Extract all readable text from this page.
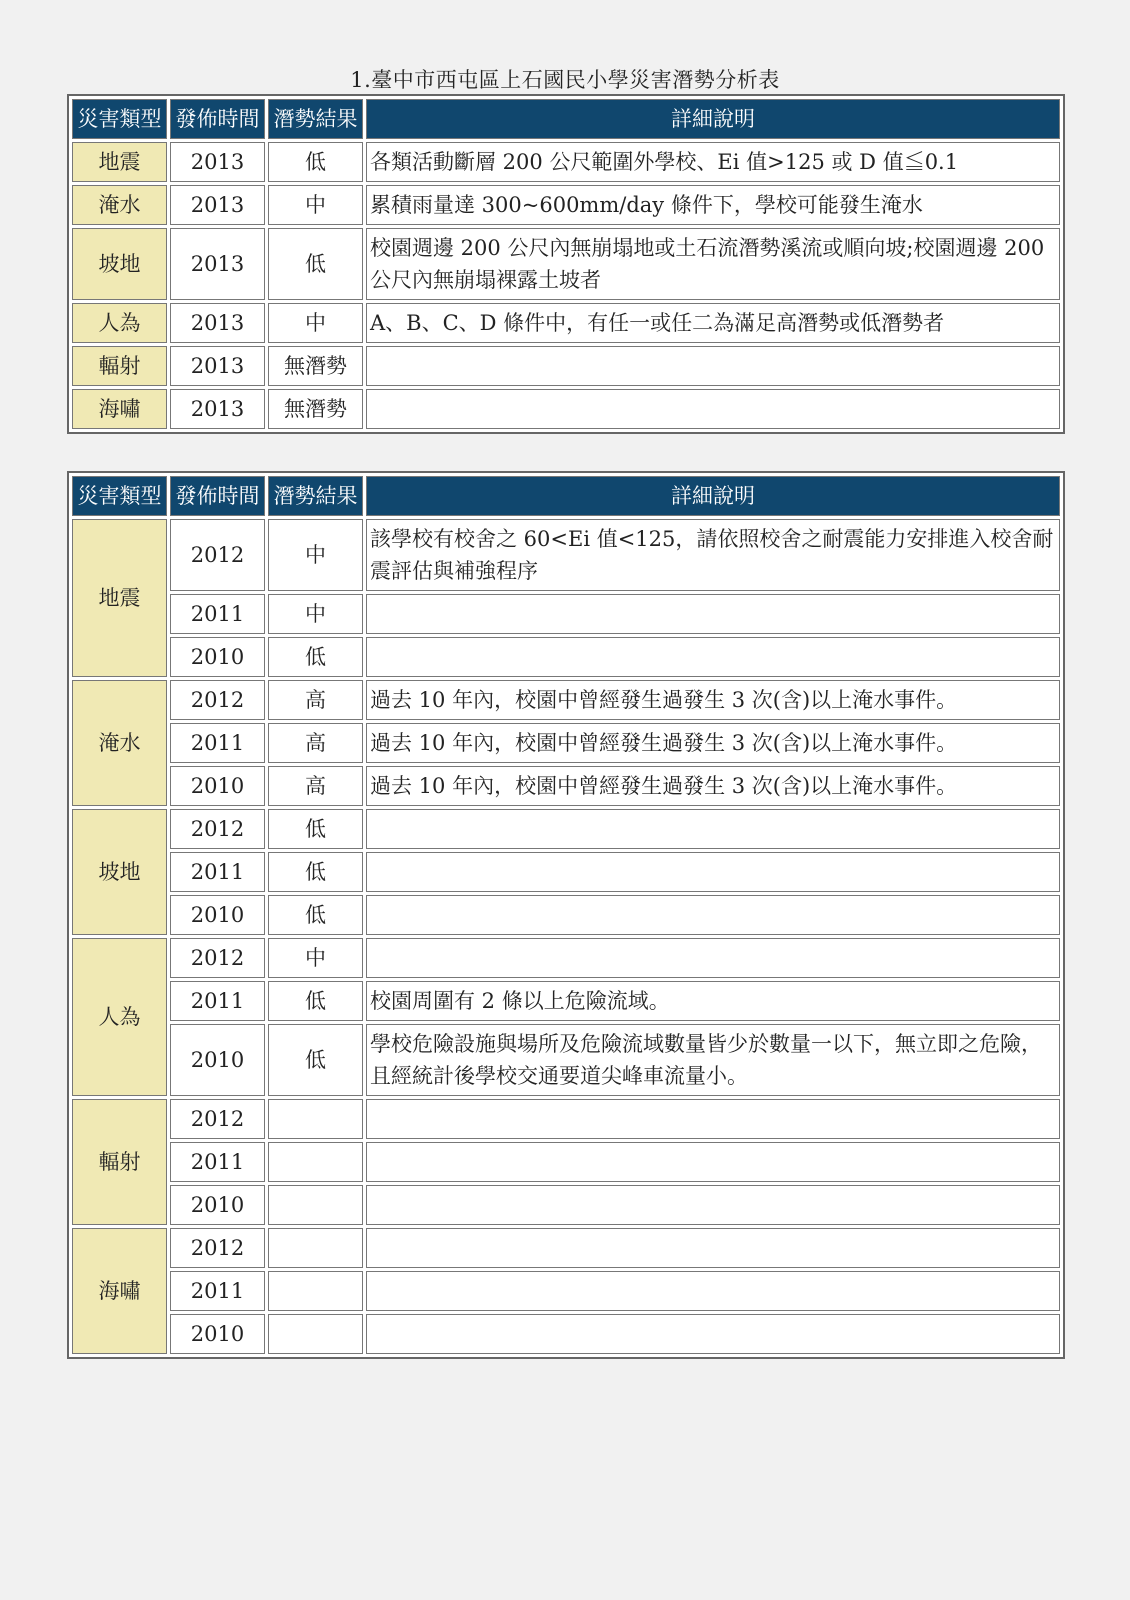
1.臺中市西屯區上石國民小學災害潛勢分析表
災害類型	發佈時間	潛勢結果	詳細說明
地震	2013	低	各類活動斷層 200 公尺範圍外學校、Ei 值>125 或 D 值≦0.1
淹水	2013	中	累積雨量達 300~600mm/day 條件下，學校可能發生淹水
坡地	2013	低	校園週邊 200 公尺內無崩塌地或土石流潛勢溪流或順向坡;校園週邊 200 公尺內無崩塌裸露土坡者
人為	2013	中	A、B、C、D 條件中，有任一或任二為滿足高潛勢或低潛勢者
輻射	2013	無潛勢	
海嘯	2013	無潛勢	
災害類型	發佈時間	潛勢結果	詳細說明
地震	2012	中	該學校有校舍之 60<Ei 值<125，請依照校舍之耐震能力安排進入校舍耐震評估與補強程序
	2011	中	
	2010	低	
淹水	2012	高	過去 10 年內，校園中曾經發生過發生 3 次(含)以上淹水事件。
	2011	高	過去 10 年內，校園中曾經發生過發生 3 次(含)以上淹水事件。
	2010	高	過去 10 年內，校園中曾經發生過發生 3 次(含)以上淹水事件。
坡地	2012	低	
	2011	低	
	2010	低	
人為	2012	中	
	2011	低	校園周圍有 2 條以上危險流域。
	2010	低	學校危險設施與場所及危險流域數量皆少於數量一以下，無立即之危險，且經統計後學校交通要道尖峰車流量小。
輻射	2012		
	2011		
	2010		
海嘯	2012		
	2011		
	2010		
